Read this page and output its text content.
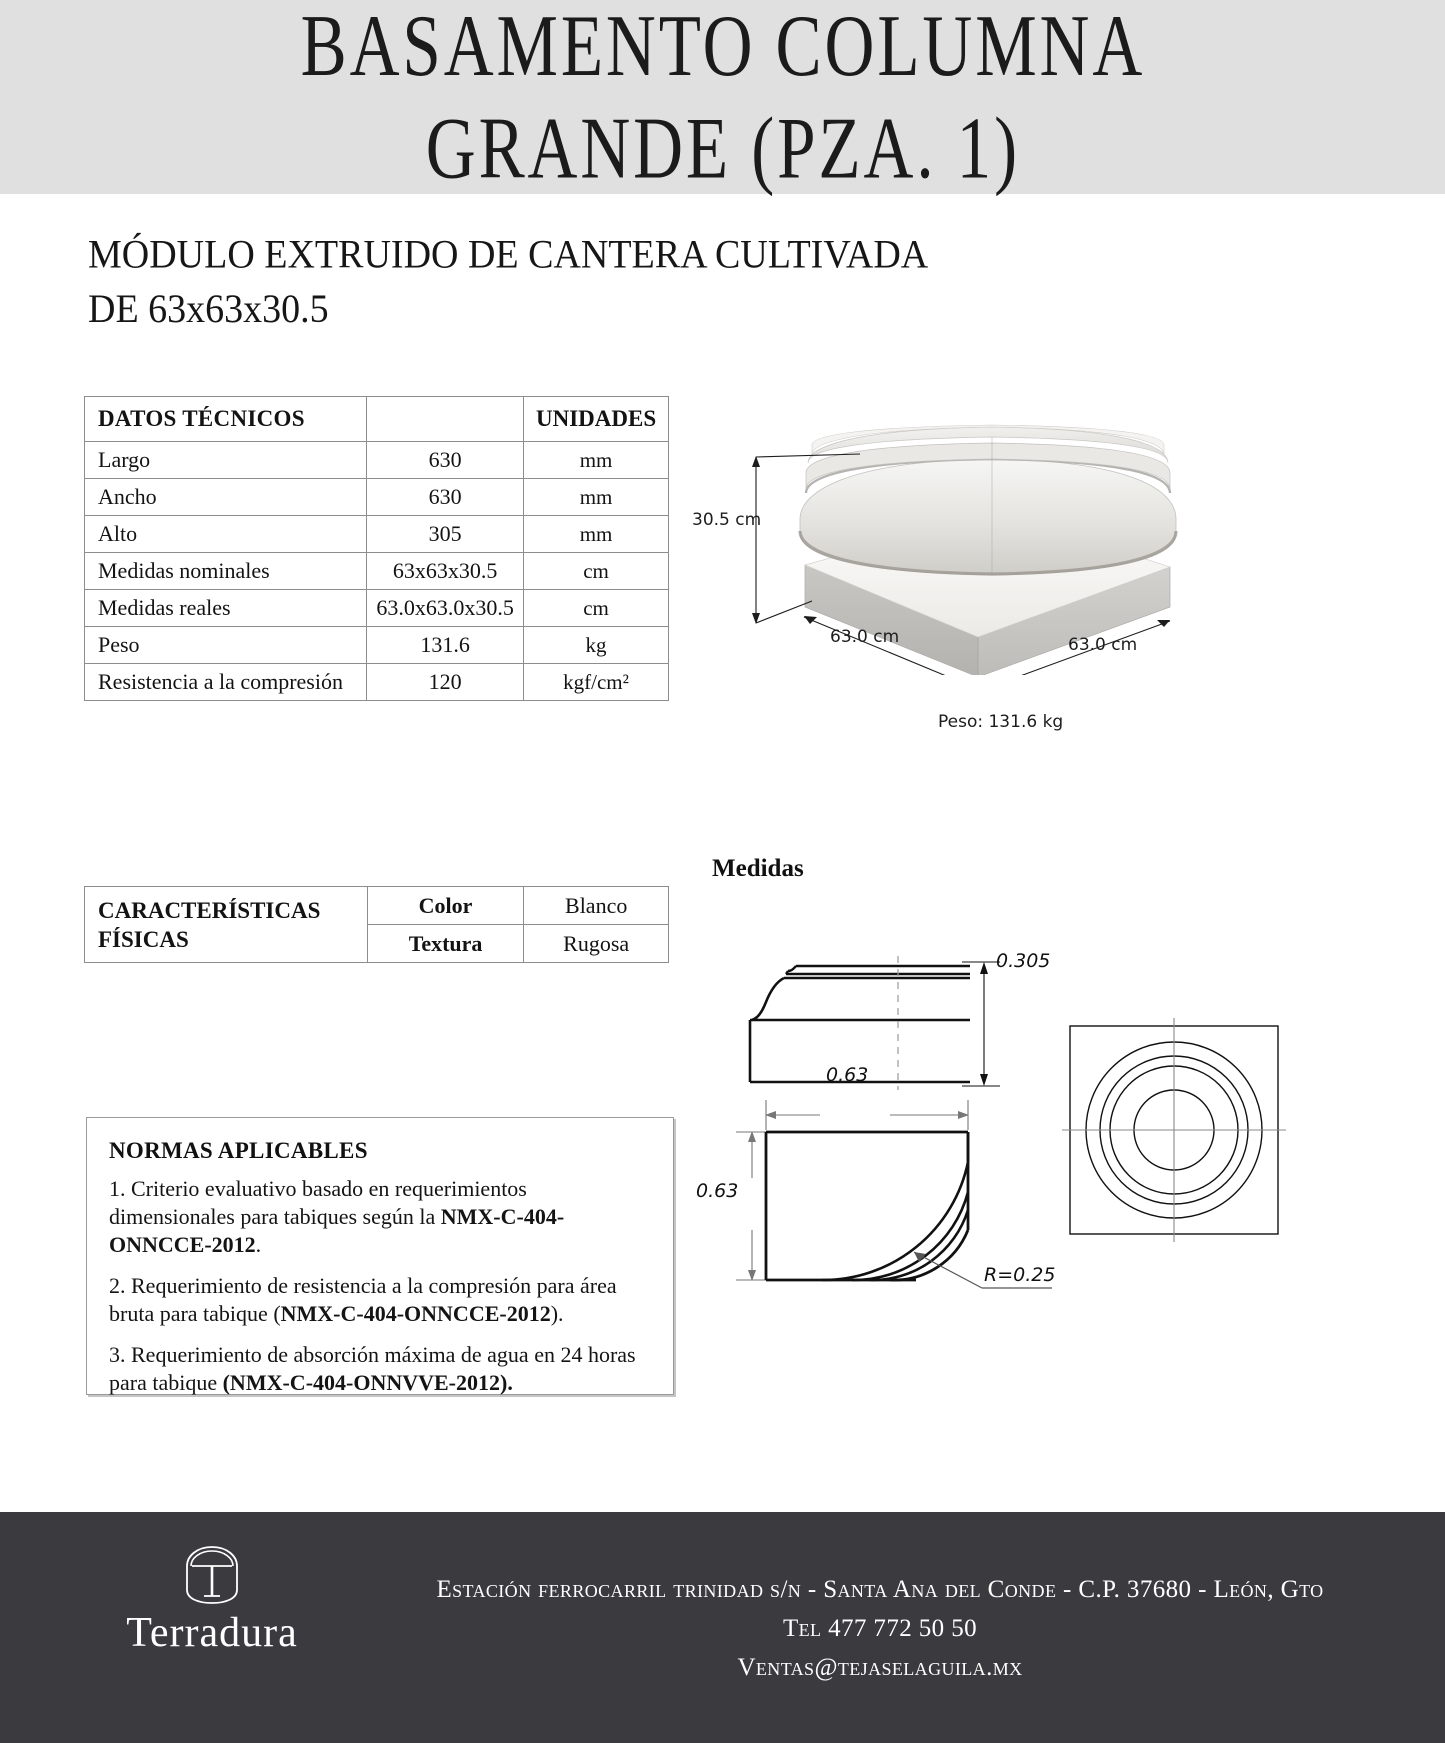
BASAMENTO COLUMNA
GRANDE (PZA. 1)
MÓDULO EXTRUIDO DE CANTERA CULTIVADA
DE 63x63x30.5
DATOS TÉCNICOS		UNIDADES
Largo	630	mm
Ancho	630	mm
Alto	305	mm
Medidas nominales	63x63x30.5	cm
Medidas reales	63.0x63.0x30.5	cm
Peso	131.6	kg
Resistencia a la compresión	120	kgf/cm²
CARACTERÍSTICAS FÍSICAS	Color	Blanco
	Textura	Rugosa
NORMAS APLICABLES

1. Criterio evaluativo basado en requerimientos dimensionales para tabiques según la NMX-C-404-ONNCCE-2012.

2. Requerimiento de resistencia a la compresión para área bruta para tabique (NMX-C-404-ONNCCE-2012).

3. Requerimiento de absorción máxima de agua en 24 horas para tabique (NMX-C-404-ONNVVE-2012).

30.5 cm
63.0 cm	63.0 cm
Peso: 131.6 kg
Medidas
0.305
0.63
0.63
R=0.25
Terradura
Estación ferrocarril trinidad s/n - Santa Ana del Conde - C.P. 37680 - León, Gto
Tel 477 772 50 50
Ventas@tejaselaguila.mx
